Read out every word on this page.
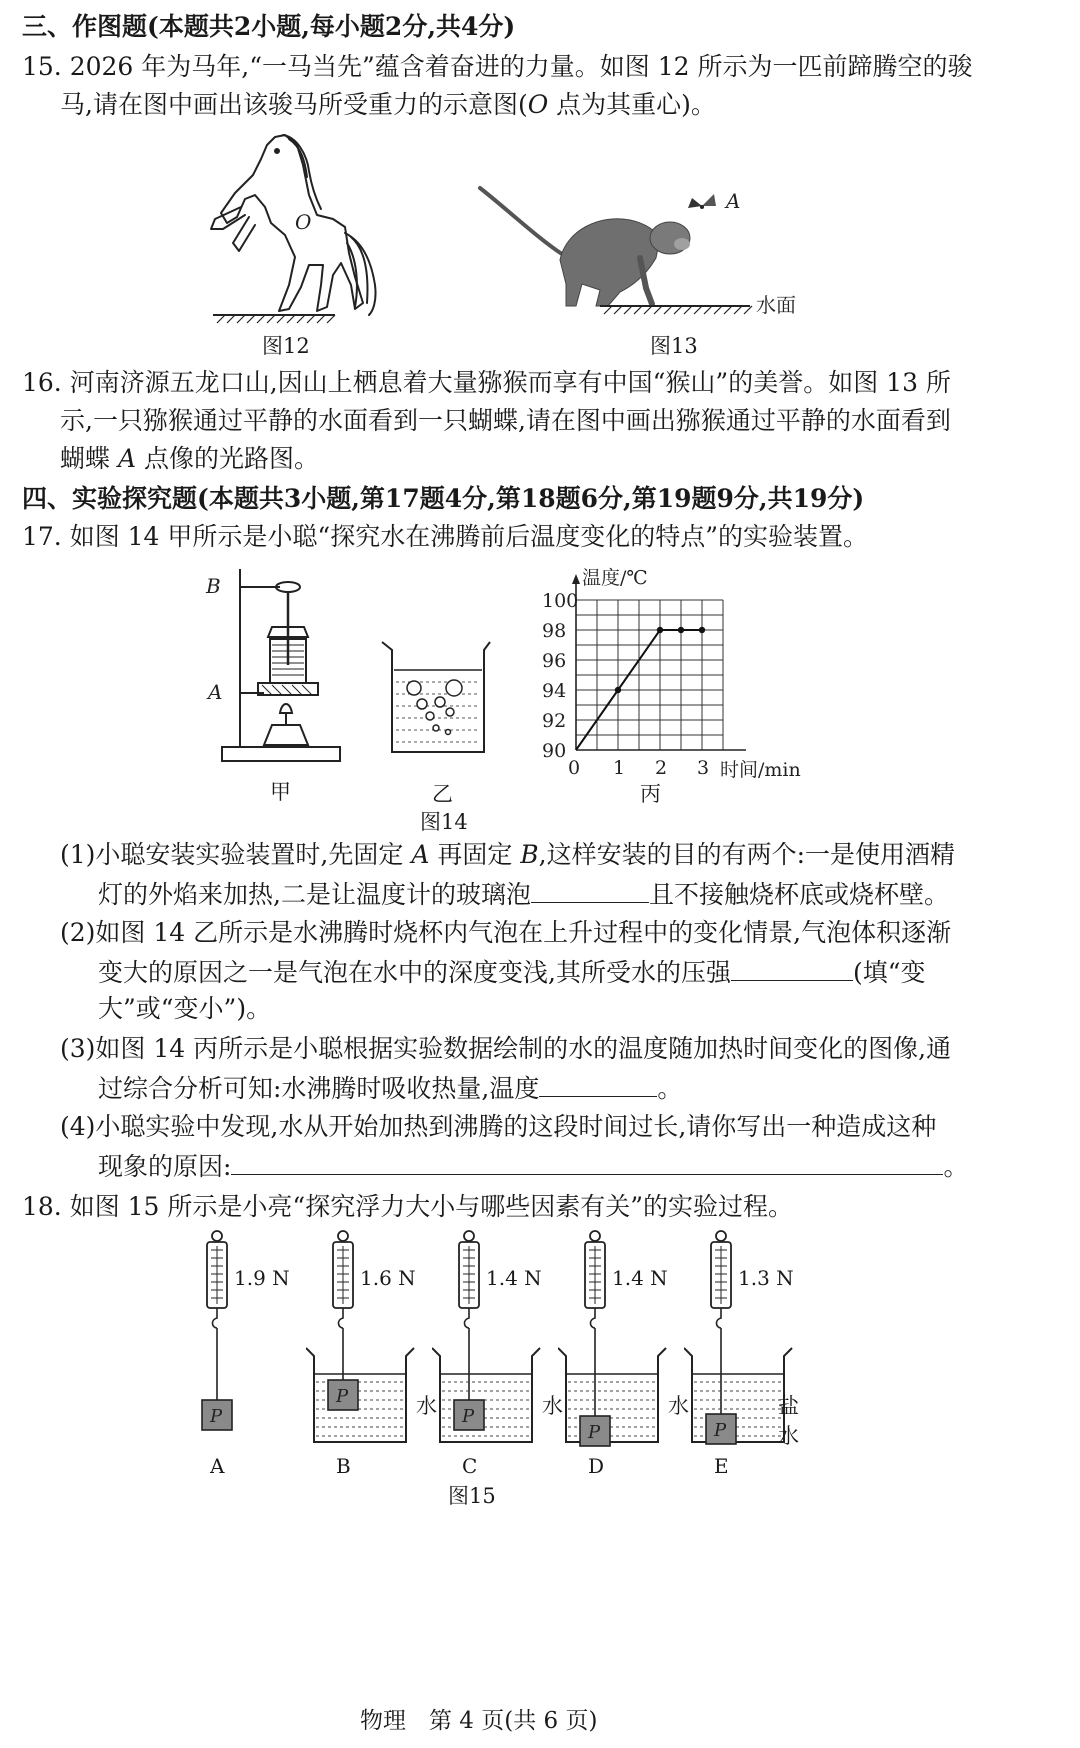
三、作图题(本题共2小题,每小题2分,共4分)
15. 2026 年为马年,“一马当先”蕴含着奋进的力量。如图 12 所示为一匹前蹄腾空的骏
马,请在图中画出该骏马所受重力的示意图(O 点为其重心)。
O
图12
A
水面
图13
16. 河南济源五龙口山,因山上栖息着大量猕猴而享有中国“猴山”的美誉。如图 13 所
示,一只猕猴通过平静的水面看到一只蝴蝶,请在图中画出猕猴通过平静的水面看到
蝴蝶 A 点像的光路图。
四、实验探究题(本题共3小题,第17题4分,第18题6分,第19题9分,共19分)
17. 如图 14 甲所示是小聪“探究水在沸腾前后温度变化的特点”的实验装置。
B
A
甲	乙
90
92
94
96
98
100
0 1 2 3
温度/℃
时间/min
丙
图14
(1)小聪安装实验装置时,先固定 A 再固定 B,这样安装的目的有两个:一是使用酒精
灯的外焰来加热,二是让温度计的玻璃泡	且不接触烧杯底或烧杯壁。
(2)如图 14 乙所示是水沸腾时烧杯内气泡在上升过程中的变化情景,气泡体积逐渐
变大的原因之一是气泡在水中的深度变浅,其所受水的压强	(填“变
大”或“变小”)。
(3)如图 14 丙所示是小聪根据实验数据绘制的水的温度随加热时间变化的图像,通
过综合分析可知:水沸腾时吸收热量,温度	。
(4)小聪实验中发现,水从开始加热到沸腾的这段时间过长,请你写出一种造成这种
现象的原因:	。
18. 如图 15 所示是小亮“探究浮力大小与哪些因素有关”的实验过程。
P
1.9 N
A
P
1.6 N
水
B
P
1.4 N
水
C
P
1.4 N
水
D
P
1.3 N
盐水
E
图15
物理　第 4 页(共 6 页)
